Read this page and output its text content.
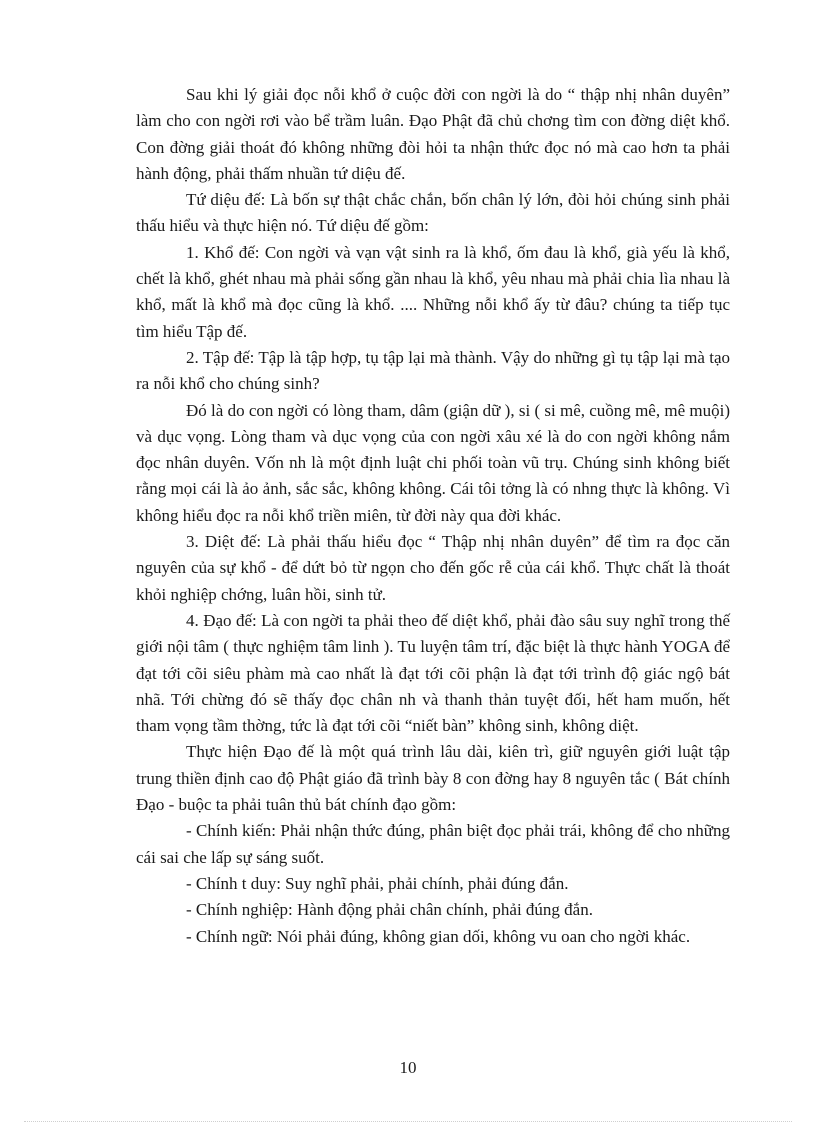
Sau khi lý giải đọc nỗi khổ ở cuộc đời con ngời là do “ thập nhị nhân duyên” làm cho con ngời rơi vào bể trầm luân. Đạo Phật đã chủ chơng tìm con đờng diệt khổ. Con đờng giải thoát đó không những đòi hỏi ta nhận thức đọc nó mà cao hơn ta phải hành động, phải thấm nhuần tứ diệu đế.

Tứ diệu đế: Là bốn sự thật chắc chắn, bốn chân lý lớn, đòi hỏi chúng sinh phải thấu hiểu và thực hiện nó. Tứ diệu đế gồm:

1. Khổ đế: Con ngời và vạn vật sinh ra là khổ, ốm đau là khổ, già yếu là khổ, chết là khổ, ghét nhau mà phải sống gần nhau là khổ, yêu nhau mà phải chia lìa nhau là khổ, mất là khổ mà đọc cũng là khổ. .... Những nỗi khổ ấy từ đâu? chúng ta tiếp tục tìm hiểu Tập đế.

2. Tập đế: Tập là tập hợp, tụ tập lại mà thành. Vậy do những gì tụ tập lại mà tạo ra nỗi khổ cho chúng sinh?

Đó là do con ngời có lòng tham, dâm (giận dữ ), si ( si mê, cuồng mê, mê muội) và dục vọng. Lòng tham và dục vọng của con ngời xâu xé là do con ngời không nắm đọc nhân duyên. Vốn nh là một định luật chi phối toàn vũ trụ. Chúng sinh không biết rằng mọi cái là ảo ảnh, sắc sắc, không không. Cái tôi tởng là có nhng thực là không. Vì không hiểu đọc ra nỗi khổ triền miên, từ đời này qua đời khác.

3. Diệt đế: Là phải thấu hiểu đọc “ Thập nhị nhân duyên” để tìm ra đọc căn nguyên của sự khổ - để dứt bỏ từ ngọn cho đến gốc rễ của cái khổ. Thực chất là thoát khỏi nghiệp chớng, luân hồi, sinh tử.

4. Đạo đế: Là con ngời ta phải theo đế diệt khổ, phải đào sâu suy nghĩ trong thế giới nội tâm ( thực nghiệm tâm linh ). Tu luyện tâm trí, đặc biệt là thực hành YOGA để đạt tới cõi siêu phàm mà cao nhất là đạt tới cõi phận là đạt tới trình độ giác ngộ bát nhã. Tới chừng đó sẽ thấy đọc chân nh và thanh thản tuyệt đối, hết ham muốn, hết tham vọng tầm thờng, tức là đạt tới cõi “niết bàn” không sinh, không diệt.

Thực hiện Đạo đế là một quá trình lâu dài, kiên trì, giữ nguyên giới luật tập trung thiền định cao độ Phật giáo đã trình bày 8 con đờng hay 8 nguyên tắc ( Bát chính Đạo - buộc ta phải tuân thủ bát chính đạo gồm:

- Chính kiến: Phải nhận thức đúng, phân biệt đọc phải trái, không để cho những cái sai che lấp sự sáng suốt.

- Chính t duy: Suy nghĩ phải, phải chính, phải đúng đắn.

- Chính nghiệp: Hành động phải chân chính, phải đúng đắn.

- Chính ngữ: Nói phải đúng, không gian dối, không vu oan cho ngời khác.

10
